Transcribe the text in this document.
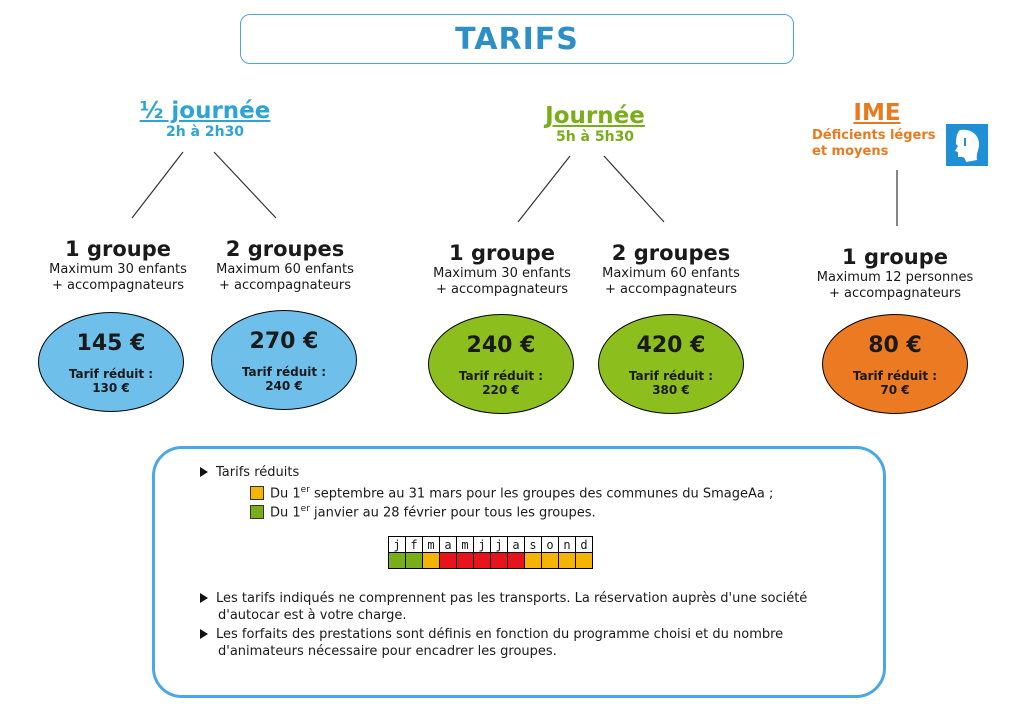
TARIFS
½ journée
2h à 2h30
Journée
5h à 5h30
IME
Déficients légers
et moyens
1 groupe
Maximum 30 enfants
+ accompagnateurs
2 groupes
Maximum 60 enfants
+ accompagnateurs
1 groupe
Maximum 30 enfants
+ accompagnateurs
2 groupes
Maximum 60 enfants
+ accompagnateurs
1 groupe
Maximum 12 personnes
+ accompagnateurs
145 €
Tarif réduit :
130 €
270 €
Tarif réduit :
240 €
240 €
Tarif réduit :
220 €
420 €
Tarif réduit :
380 €
80 €
Tarif réduit :
70 €
Tarifs réduits
Du 1er septembre au 31 mars pour les groupes des communes du SmageAa ;
Du 1er janvier au 28 février pour tous les groupes.
j	f	m	a	m	j	j	a	s	o	n	d

Les tarifs indiqués ne comprennent pas les transports. La réservation auprès d'une société
d'autocar est à votre charge.
Les forfaits des prestations sont définis en fonction du programme choisi et du nombre
d'animateurs nécessaire pour encadrer les groupes.
